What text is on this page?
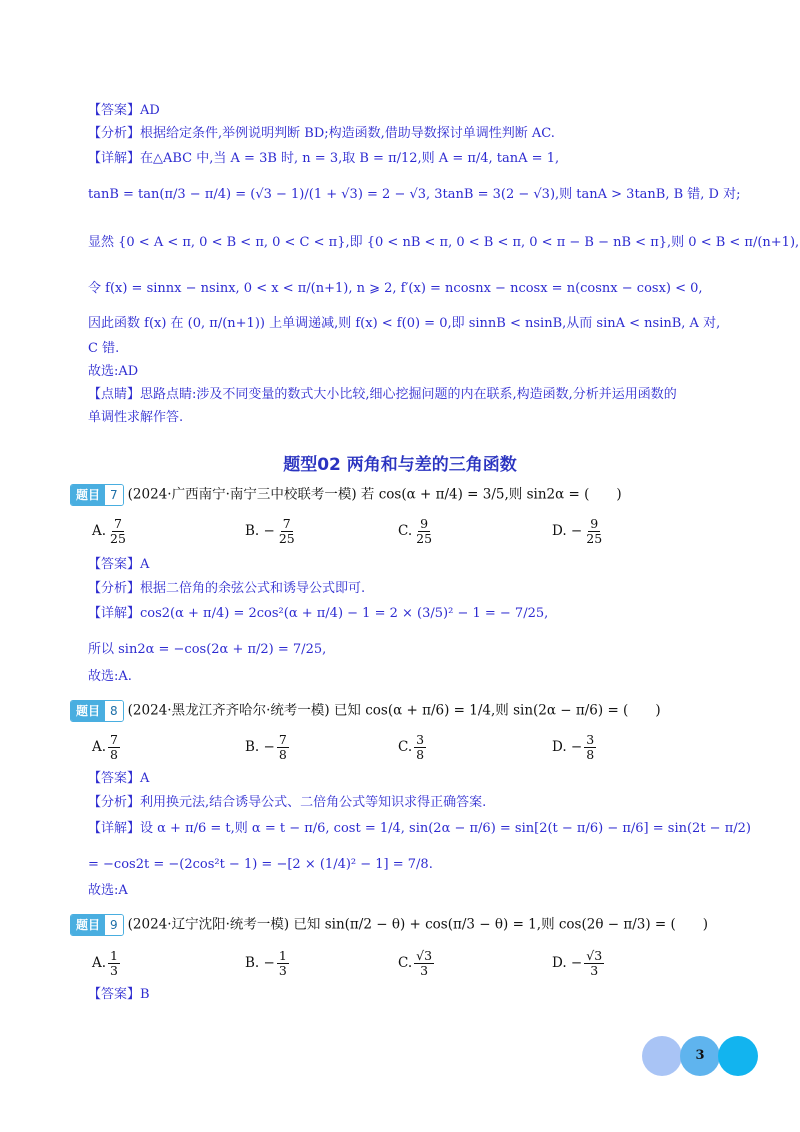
【答案】AD
【分析】根据给定条件,举例说明判断 BD;构造函数,借助导数探讨单调性判断 AC.
【详解】在△ABC 中,当 A = 3B 时, n = 3,取 B = π/12,则 A = π/4, tanA = 1,
tanB = tan(π/3 − π/4) = (√3 − 1)/(1 + √3) = 2 − √3, 3tanB = 3(2 − √3),则 tanA > 3tanB, B 错, D 对;
显然 {0 < A < π, 0 < B < π, 0 < C < π},即 {0 < nB < π, 0 < B < π, 0 < π − B − nB < π},则 0 < B < π/(n+1),
令 f(x) = sinnx − nsinx, 0 < x < π/(n+1), n ⩾ 2, f′(x) = ncosnx − ncosx = n(cosnx − cosx) < 0,
因此函数 f(x) 在 (0, π/(n+1)) 上单调递减,则 f(x) < f(0) = 0,即 sinnB < nsinB,从而 sinA < nsinB, A 对,
C 错.
故选:AD
【点睛】思路点睛:涉及不同变量的数式大小比较,细心挖掘问题的内在联系,构造函数,分析并运用函数的
单调性求解作答.
题型02 两角和与差的三角函数
题目 7 (2024·广西南宁·南宁三中校联考一模) 若 cos(α + π/4) = 3/5,则 sin2α = (　　)
A. $\frac{7}{25}$	B. − $\frac{7}{25}$	C. $\frac{9}{25}$	D. − $\frac{9}{25}$
【答案】A
【分析】根据二倍角的余弦公式和诱导公式即可.
【详解】cos2(α + π/4) = 2cos²(α + π/4) − 1 = 2 × (3/5)² − 1 = − 7/25,
所以 sin2α = −cos(2α + π/2) = 7/25,
故选:A.
题目 8 (2024·黑龙江齐齐哈尔·统考一模) 已知 cos(α + π/6) = 1/4,则 sin(2α − π/6) = (　　)
A. $\frac{7}{8}$	B. − $\frac{7}{8}$	C. $\frac{3}{8}$	D. − $\frac{3}{8}$
【答案】A
【分析】利用换元法,结合诱导公式、二倍角公式等知识求得正确答案.
【详解】设 α + π/6 = t,则 α = t − π/6, cost = 1/4, sin(2α − π/6) = sin[2(t − π/6) − π/6] = sin(2t − π/2)
= −cos2t = −(2cos²t − 1) = −[2 × (1/4)² − 1] = 7/8.
故选:A
题目 9 (2024·辽宁沈阳·统考一模) 已知 sin(π/2 − θ) + cos(π/3 − θ) = 1,则 cos(2θ − π/3) = (　　)
A. $\frac{1}{3}$	B. − $\frac{1}{3}$	C. $\frac{√3}{3}$	D. − $\frac{√3}{3}$
【答案】B
3
